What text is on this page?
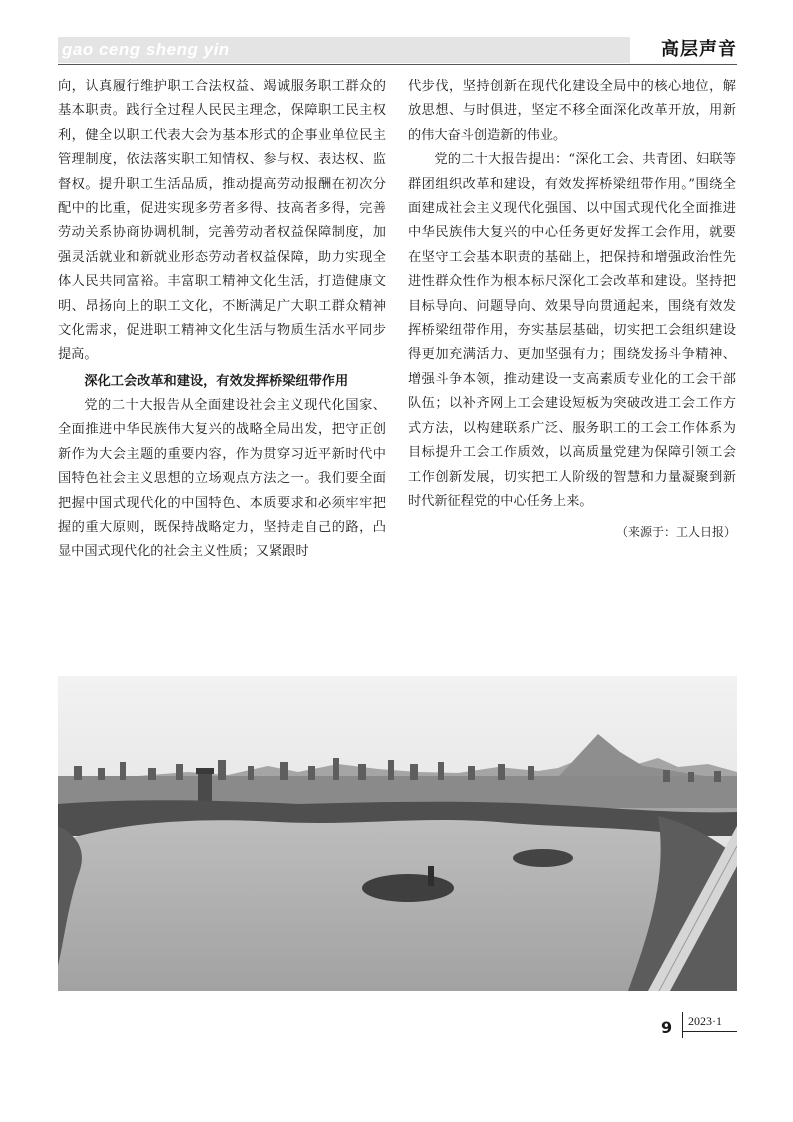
gao ceng sheng yin	高层声音

向，认真履行维护职工合法权益、竭诚服务职工群众的基本职责。践行全过程人民民主理念，保障职工民主权利，健全以职工代表大会为基本形式的企事业单位民主管理制度，依法落实职工知情权、参与权、表达权、监督权。提升职工生活品质，推动提高劳动报酬在初次分配中的比重，促进实现多劳者多得、技高者多得，完善劳动关系协商协调机制，完善劳动者权益保障制度，加强灵活就业和新就业形态劳动者权益保障，助力实现全体人民共同富裕。丰富职工精神文化生活，打造健康文明、昂扬向上的职工文化，不断满足广大职工群众精神文化需求，促进职工精神文化生活与物质生活水平同步提高。

深化工会改革和建设，有效发挥桥梁纽带作用

党的二十大报告从全面建设社会主义现代化国家、全面推进中华民族伟大复兴的战略全局出发，把守正创新作为大会主题的重要内容，作为贯穿习近平新时代中国特色社会主义思想的立场观点方法之一。我们要全面把握中国式现代化的中国特色、本质要求和必须牢牢把握的重大原则，既保持战略定力，坚持走自己的路，凸显中国式现代化的社会主义性质；又紧跟时

代步伐，坚持创新在现代化建设全局中的核心地位，解放思想、与时俱进，坚定不移全面深化改革开放，用新的伟大奋斗创造新的伟业。

党的二十大报告提出：“深化工会、共青团、妇联等群团组织改革和建设，有效发挥桥梁纽带作用。”围绕全面建成社会主义现代化强国、以中国式现代化全面推进中华民族伟大复兴的中心任务更好发挥工会作用，就要在坚守工会基本职责的基础上，把保持和增强政治性先进性群众性作为根本标尺深化工会改革和建设。坚持把目标导向、问题导向、效果导向贯通起来，围绕有效发挥桥梁纽带作用，夯实基层基础，切实把工会组织建设得更加充满活力、更加坚强有力；围绕发扬斗争精神、增强斗争本领，推动建设一支高素质专业化的工会干部队伍；以补齐网上工会建设短板为突破改进工会工作方式方法，以构建联系广泛、服务职工的工会工作体系为目标提升工会工作质效，以高质量党建为保障引领工会工作创新发展，切实把工人阶级的智慧和力量凝聚到新时代新征程党的中心任务上来。

（来源于：工人日报）
9 2023·1
